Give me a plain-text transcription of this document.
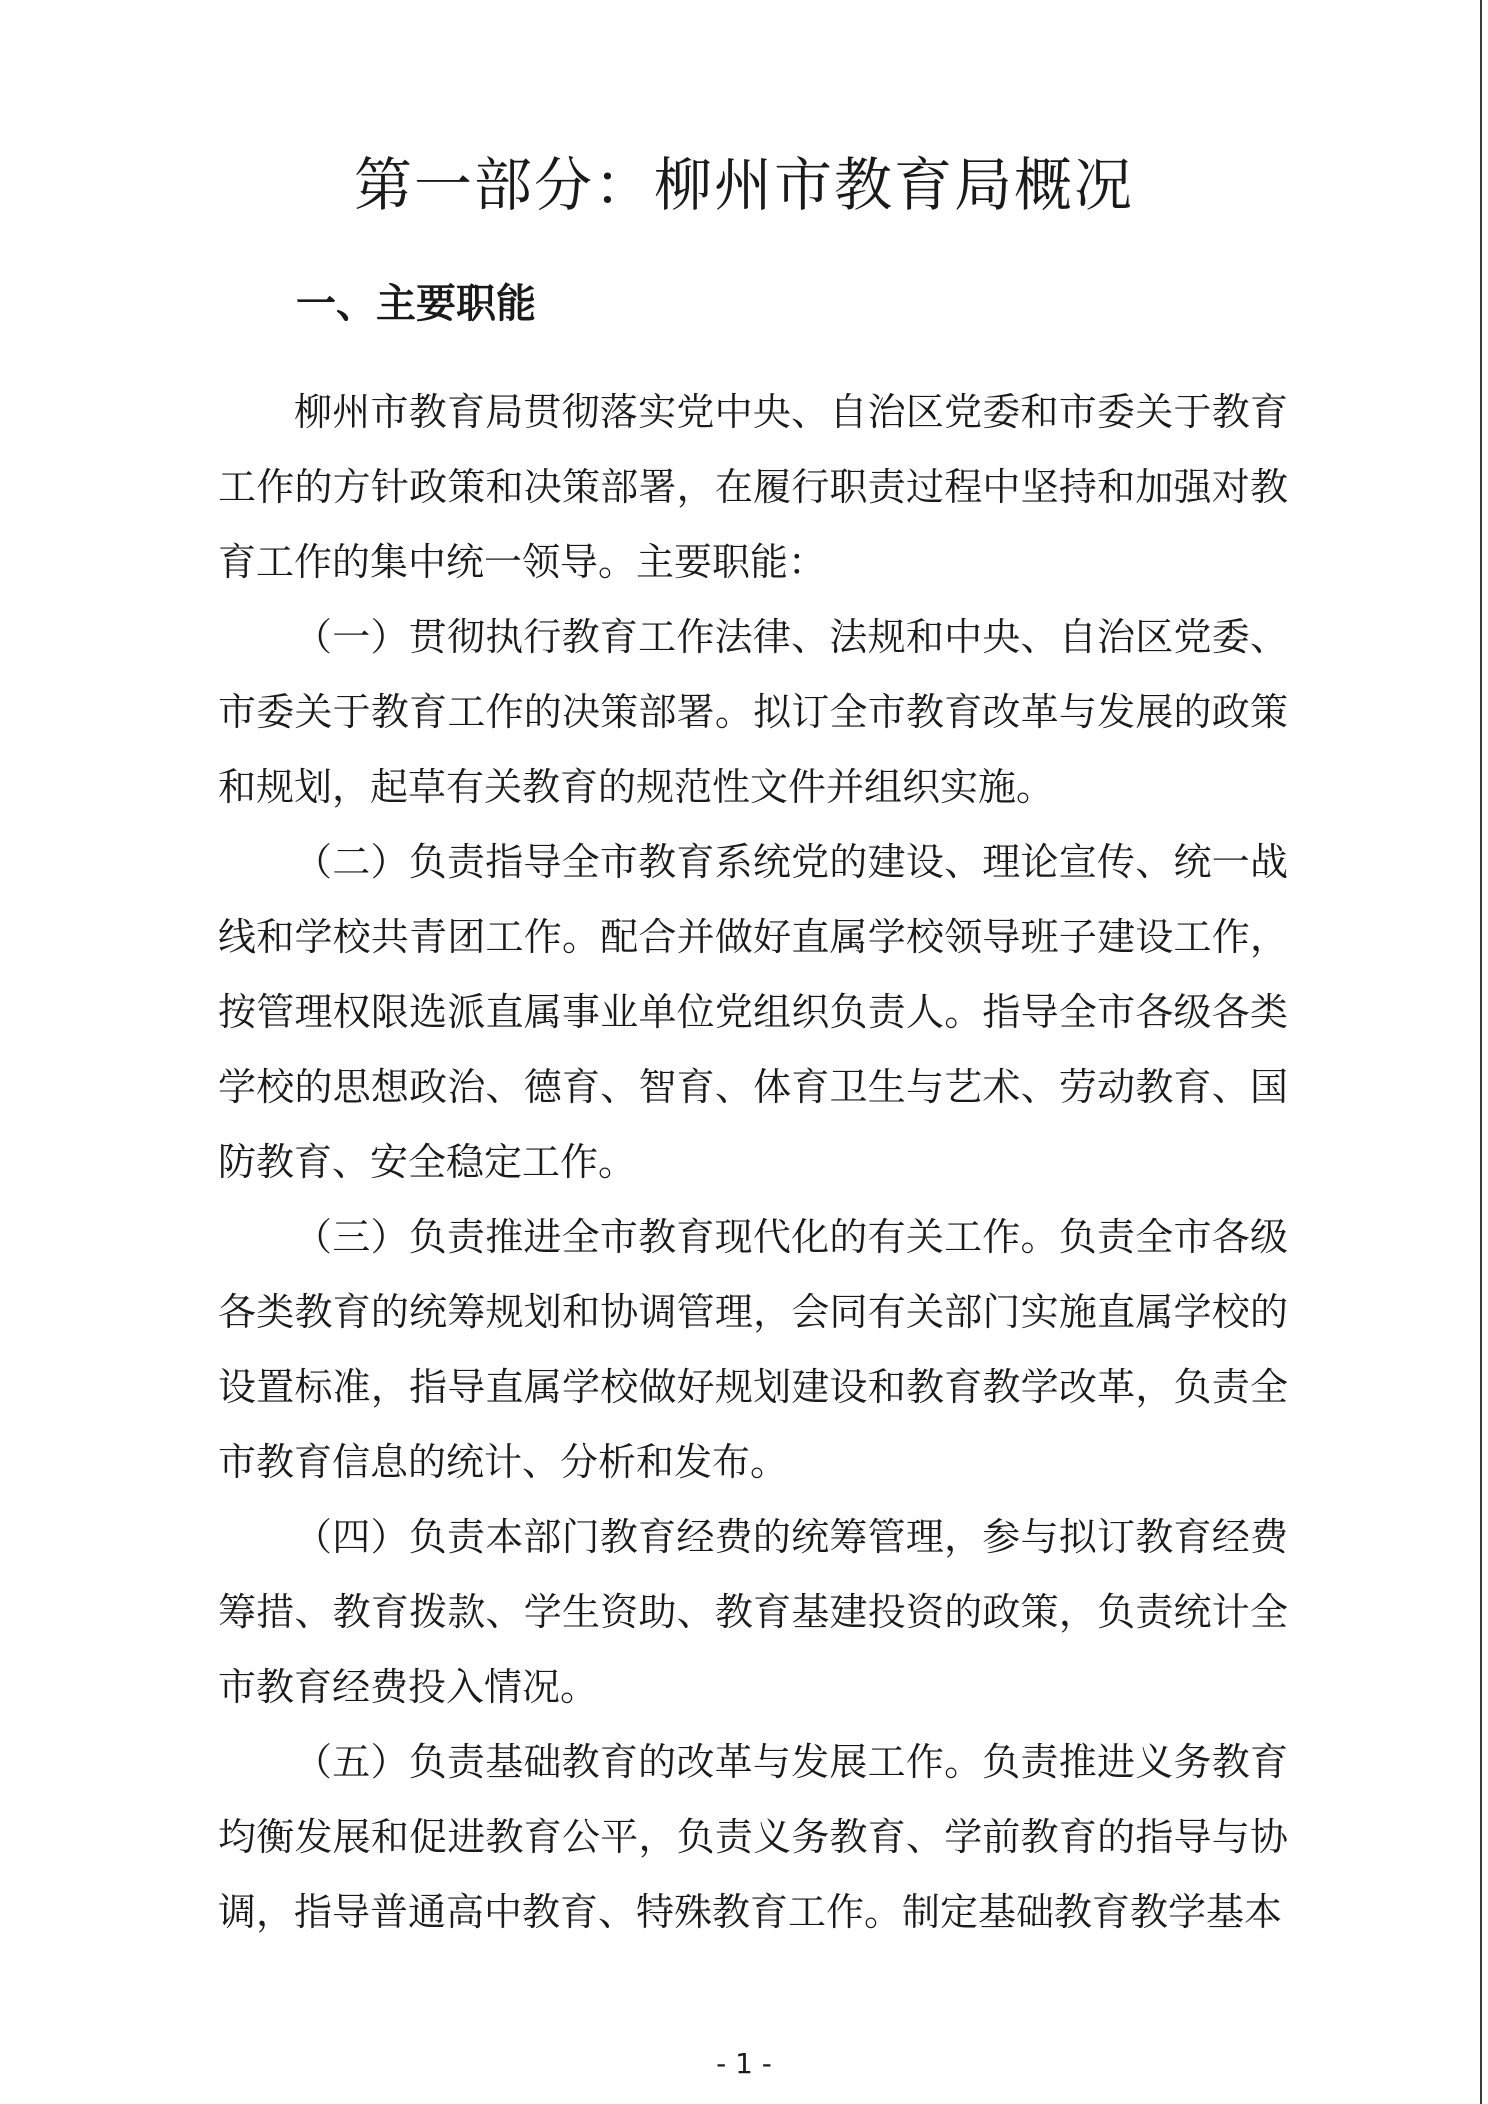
第一部分：柳州市教育局概况
一、主要职能

柳州市教育局贯彻落实党中央、自治区党委和市委关于教育工作的方针政策和决策部署，在履行职责过程中坚持和加强对教育工作的集中统一领导。主要职能：

（一）贯彻执行教育工作法律、法规和中央、自治区党委、市委关于教育工作的决策部署。拟订全市教育改革与发展的政策和规划，起草有关教育的规范性文件并组织实施。

（二）负责指导全市教育系统党的建设、理论宣传、统一战线和学校共青团工作。配合并做好直属学校领导班子建设工作，按管理权限选派直属事业单位党组织负责人。指导全市各级各类学校的思想政治、德育、智育、体育卫生与艺术、劳动教育、国防教育、安全稳定工作。

（三）负责推进全市教育现代化的有关工作。负责全市各级各类教育的统筹规划和协调管理，会同有关部门实施直属学校的设置标准，指导直属学校做好规划建设和教育教学改革，负责全市教育信息的统计、分析和发布。

（四）负责本部门教育经费的统筹管理，参与拟订教育经费筹措、教育拨款、学生资助、教育基建投资的政策，负责统计全市教育经费投入情况。

（五）负责基础教育的改革与发展工作。负责推进义务教育均衡发展和促进教育公平，负责义务教育、学前教育的指导与协调，指导普通高中教育、特殊教育工作。制定基础教育教学基本

- 1 -
